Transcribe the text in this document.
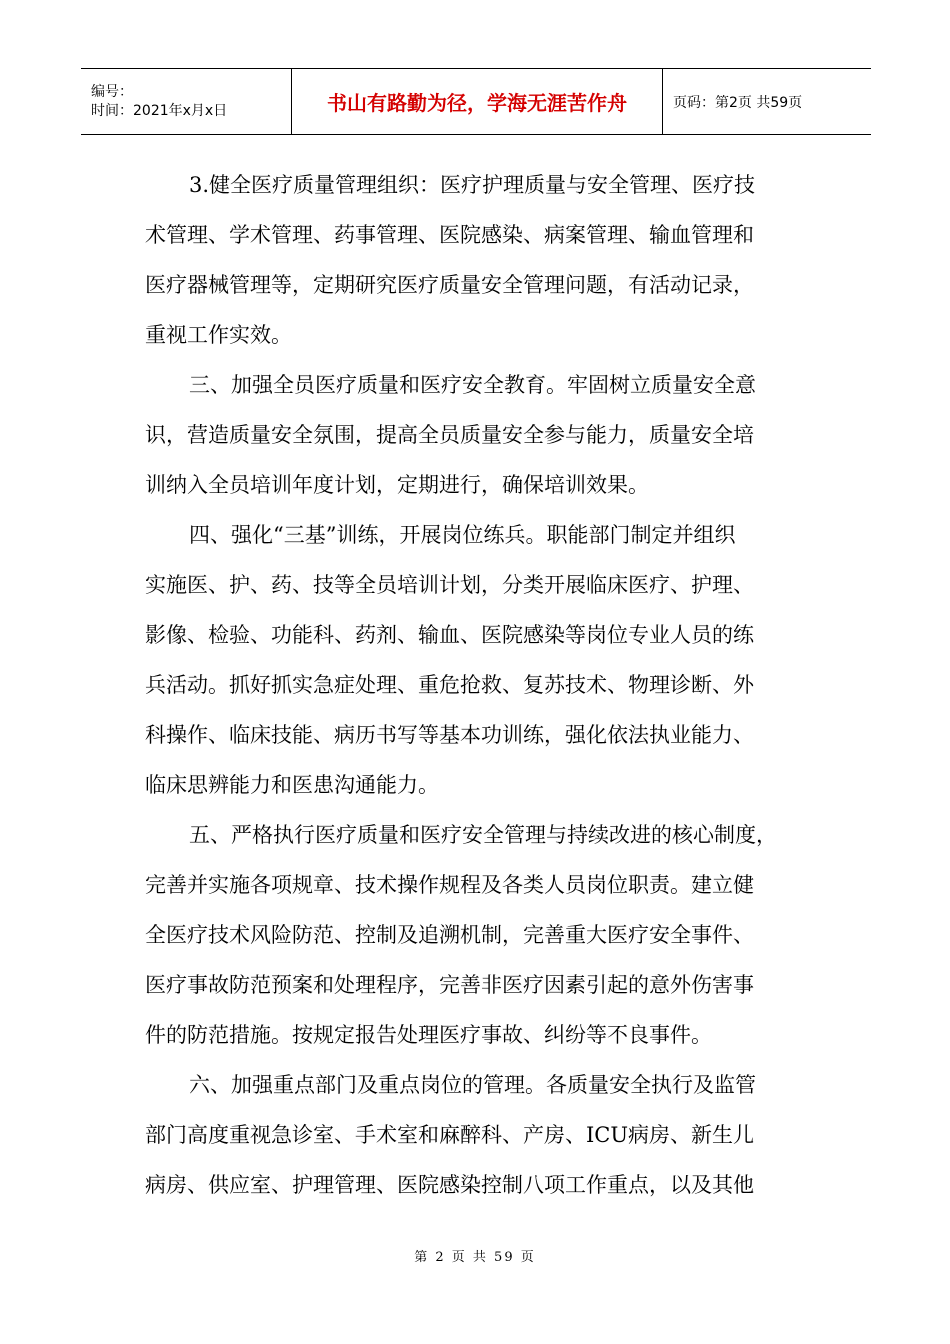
编号：
时间：2021年x月x日	书山有路勤为径，学海无涯苦作舟	页码：第2页 共59页
3.健全医疗质量管理组织：医疗护理质量与安全管理、医疗技
术管理、学术管理、药事管理、医院感染、病案管理、输血管理和
医疗器械管理等，定期研究医疗质量安全管理问题，有活动记录，
重视工作实效。
三、加强全员医疗质量和医疗安全教育。牢固树立质量安全意
识，营造质量安全氛围，提高全员质量安全参与能力，质量安全培
训纳入全员培训年度计划，定期进行，确保培训效果。
四、强化“三基”训练，开展岗位练兵。职能部门制定并组织
实施医、护、药、技等全员培训计划，分类开展临床医疗、护理、
影像、检验、功能科、药剂、输血、医院感染等岗位专业人员的练
兵活动。抓好抓实急症处理、重危抢救、复苏技术、物理诊断、外
科操作、临床技能、病历书写等基本功训练，强化依法执业能力、
临床思辨能力和医患沟通能力。
五、严格执行医疗质量和医疗安全管理与持续改进的核心制度，
完善并实施各项规章、技术操作规程及各类人员岗位职责。建立健
全医疗技术风险防范、控制及追溯机制，完善重大医疗安全事件、
医疗事故防范预案和处理程序，完善非医疗因素引起的意外伤害事
件的防范措施。按规定报告处理医疗事故、纠纷等不良事件。
六、加强重点部门及重点岗位的管理。各质量安全执行及监管
部门高度重视急诊室、手术室和麻醉科、产房、ICU病房、新生儿
病房、供应室、护理管理、医院感染控制八项工作重点，以及其他
第 2 页 共 59 页
